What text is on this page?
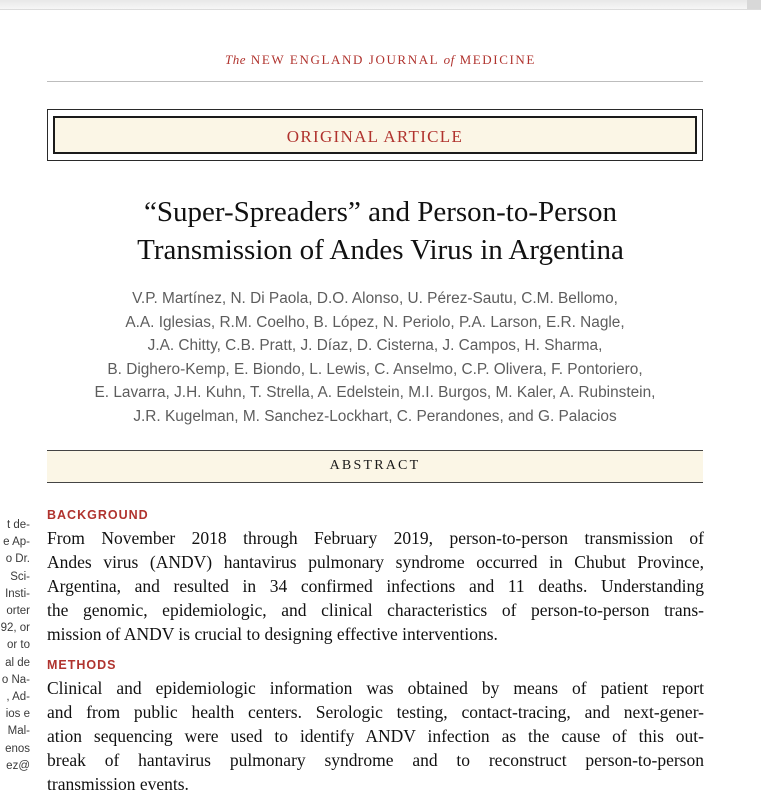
The NEW ENGLAND JOURNAL of MEDICINE
ORIGINAL ARTICLE
“Super-Spreaders” and Person-to-Person
Transmission of Andes Virus in Argentina
V.P. Martínez, N. Di Paola, D.O. Alonso, U. Pérez-Sautu, C.M. Bellomo,
A.A. Iglesias, R.M. Coelho, B. López, N. Periolo, P.A. Larson, E.R. Nagle,
J.A. Chitty, C.B. Pratt, J. Díaz, D. Cisterna, J. Campos, H. Sharma,
B. Dighero-Kemp, E. Biondo, L. Lewis, C. Anselmo, C.P. Olivera, F. Pontoriero,
E. Lavarra, J.H. Kuhn, T. Strella, A. Edelstein, M.I. Burgos, M. Kaler, A. Rubinstein,
J.R. Kugelman, M. Sanchez-Lockhart, C. Perandones, and G. Palacios
ABSTRACT
BACKGROUND
From November 2018 through February 2019, person-to-person transmission of
Andes virus (ANDV) hantavirus pulmonary syndrome occurred in Chubut Province,
Argentina, and resulted in 34 confirmed infections and 11 deaths. Understanding
the genomic, epidemiologic, and clinical characteristics of person-to-person trans-
mission of ANDV is crucial to designing effective interventions.
METHODS
Clinical and epidemiologic information was obtained by means of patient report
and from public health centers. Serologic testing, contact-tracing, and next-gener-
ation sequencing were used to identify ANDV infection as the cause of this out-
break of hantavirus pulmonary syndrome and to reconstruct person-to-person
transmission events.
t de-
e Ap-
o Dr.
Sci-
Insti-
orter
92, or
or to
al de
o Na-
, Ad-
ios e
Mal-
enos
ez@
